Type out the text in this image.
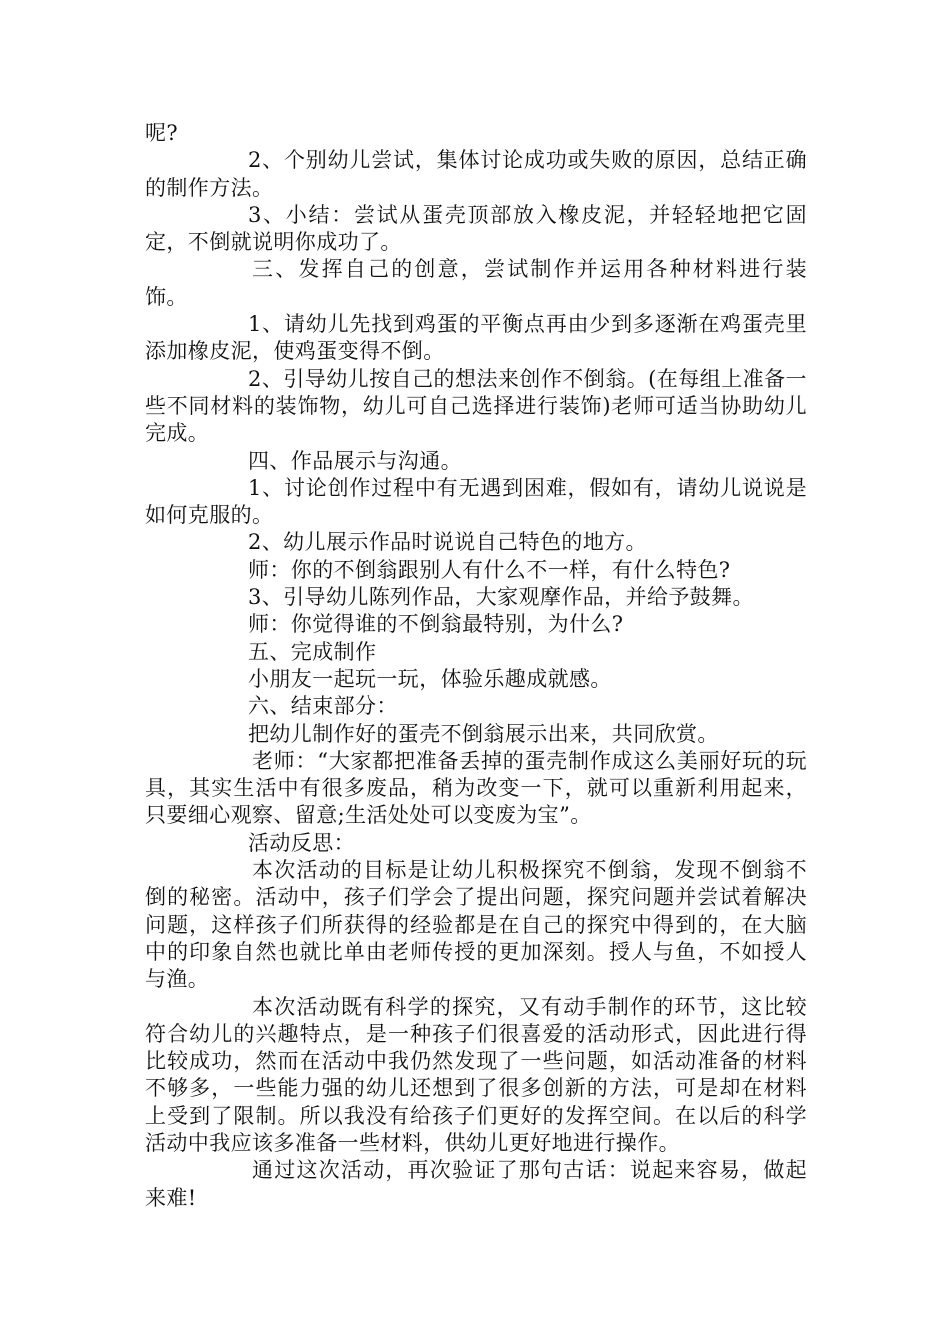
呢?

2、个别幼儿尝试，集体讨论成功或失败的原因，总结正确的制作方法。

3、小结：尝试从蛋壳顶部放入橡皮泥，并轻轻地把它固定，不倒就说明你成功了。

三、发挥自己的创意，尝试制作并运用各种材料进行装饰。

1、请幼儿先找到鸡蛋的平衡点再由少到多逐渐在鸡蛋壳里添加橡皮泥，使鸡蛋变得不倒。

2、引导幼儿按自己的想法来创作不倒翁。(在每组上准备一些不同材料的装饰物，幼儿可自己选择进行装饰)老师可适当协助幼儿完成。

四、作品展示与沟通。

1、讨论创作过程中有无遇到困难，假如有，请幼儿说说是如何克服的。

2、幼儿展示作品时说说自己特色的地方。

师：你的不倒翁跟别人有什么不一样，有什么特色?

3、引导幼儿陈列作品，大家观摩作品，并给予鼓舞。

师：你觉得谁的不倒翁最特别，为什么?

五、完成制作

小朋友一起玩一玩，体验乐趣成就感。

六、结束部分：

把幼儿制作好的蛋壳不倒翁展示出来，共同欣赏。

老师：“大家都把准备丢掉的蛋壳制作成这么美丽好玩的玩具，其实生活中有很多废品，稍为改变一下，就可以重新利用起来，只要细心观察、留意;生活处处可以变废为宝”。

活动反思：

本次活动的目标是让幼儿积极探究不倒翁，发现不倒翁不倒的秘密。活动中，孩子们学会了提出问题，探究问题并尝试着解决问题，这样孩子们所获得的经验都是在自己的探究中得到的，在大脑中的印象自然也就比单由老师传授的更加深刻。授人与鱼，不如授人与渔。

本次活动既有科学的探究，又有动手制作的环节，这比较符合幼儿的兴趣特点，是一种孩子们很喜爱的活动形式，因此进行得比较成功，然而在活动中我仍然发现了一些问题，如活动准备的材料不够多，一些能力强的幼儿还想到了很多创新的方法，可是却在材料上受到了限制。所以我没有给孩子们更好的发挥空间。在以后的科学活动中我应该多准备一些材料，供幼儿更好地进行操作。

通过这次活动，再次验证了那句古话：说起来容易，做起来难!
